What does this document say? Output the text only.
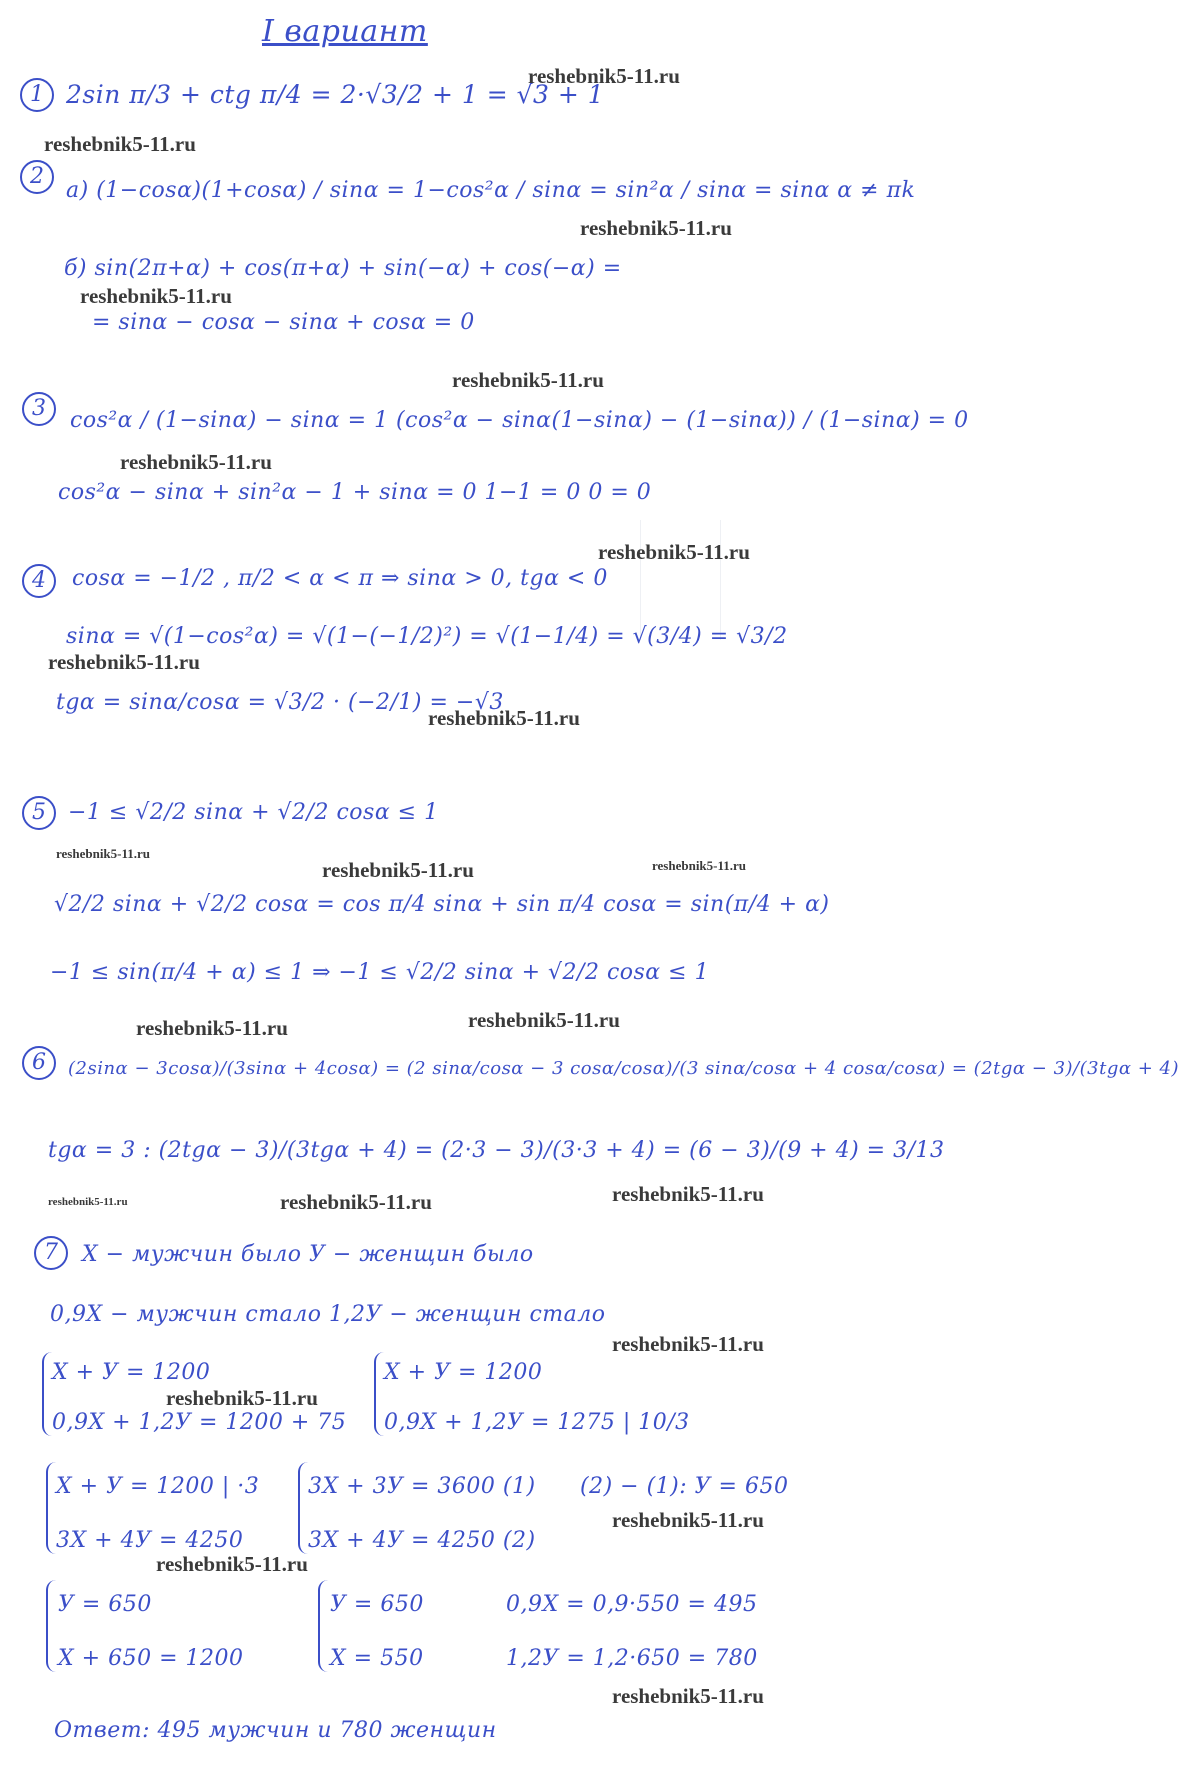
I вариант
1 2sin π/3 + ctg π/4 = 2·√3/2 + 1 = √3 + 1
reshebnik5-11.ru
reshebnik5-11.ru
2
а) (1−cosα)(1+cosα) / sinα = 1−cos²α / sinα = sin²α / sinα = sinα α ≠ πk
reshebnik5-11.ru
б) sin(2π+α) + cos(π+α) + sin(−α) + cos(−α) =
reshebnik5-11.ru
= sinα − cosα − sinα + cosα = 0
reshebnik5-11.ru
3	cos²α / (1−sinα) − sinα = 1 (cos²α − sinα(1−sinα) − (1−sinα)) / (1−sinα) = 0
reshebnik5-11.ru
cos²α − sinα + sin²α − 1 + sinα = 0 1−1 = 0 0 = 0
reshebnik5-11.ru
4	cosα = −1/2 , π/2 < α < π ⇒ sinα > 0, tgα < 0
sinα = √(1−cos²α) = √(1−(−1/2)²) = √(1−1/4) = √(3/4) = √3/2
reshebnik5-11.ru
tgα = sinα/cosα = √3/2 · (−2/1) = −√3
reshebnik5-11.ru
5	−1 ≤ √2/2 sinα + √2/2 cosα ≤ 1
reshebnik5-11.ru
reshebnik5-11.ru	reshebnik5-11.ru
√2/2 sinα + √2/2 cosα = cos π/4 sinα + sin π/4 cosα = sin(π/4 + α)
−1 ≤ sin(π/4 + α) ≤ 1 ⇒ −1 ≤ √2/2 sinα + √2/2 cosα ≤ 1
reshebnik5-11.ru	reshebnik5-11.ru
6	(2sinα − 3cosα)/(3sinα + 4cosα) = (2 sinα/cosα − 3 cosα/cosα)/(3 sinα/cosα + 4 cosα/cosα) = (2tgα − 3)/(3tgα + 4)
tgα = 3 : (2tgα − 3)/(3tgα + 4) = (2·3 − 3)/(3·3 + 4) = (6 − 3)/(9 + 4) = 3/13
reshebnik5-11.ru	reshebnik5-11.ru	reshebnik5-11.ru
7	X − мужчин было У − женщин было
0,9X − мужчин стало 1,2У − женщин стало
reshebnik5-11.ru
X + У = 1200
0,9X + 1,2У = 1200 + 75
reshebnik5-11.ru
X + У = 1200
0,9X + 1,2У = 1275 | 10/3
X + У = 1200 | ·3
3X + 4У = 4250
3X + 3У = 3600 (1)
3X + 4У = 4250 (2)
(2) − (1): У = 650
reshebnik5-11.ru
reshebnik5-11.ru
У = 650
X + 650 = 1200
У = 650
X = 550
0,9X = 0,9·550 = 495
1,2У = 1,2·650 = 780
reshebnik5-11.ru
Ответ: 495 мужчин и 780 женщин
